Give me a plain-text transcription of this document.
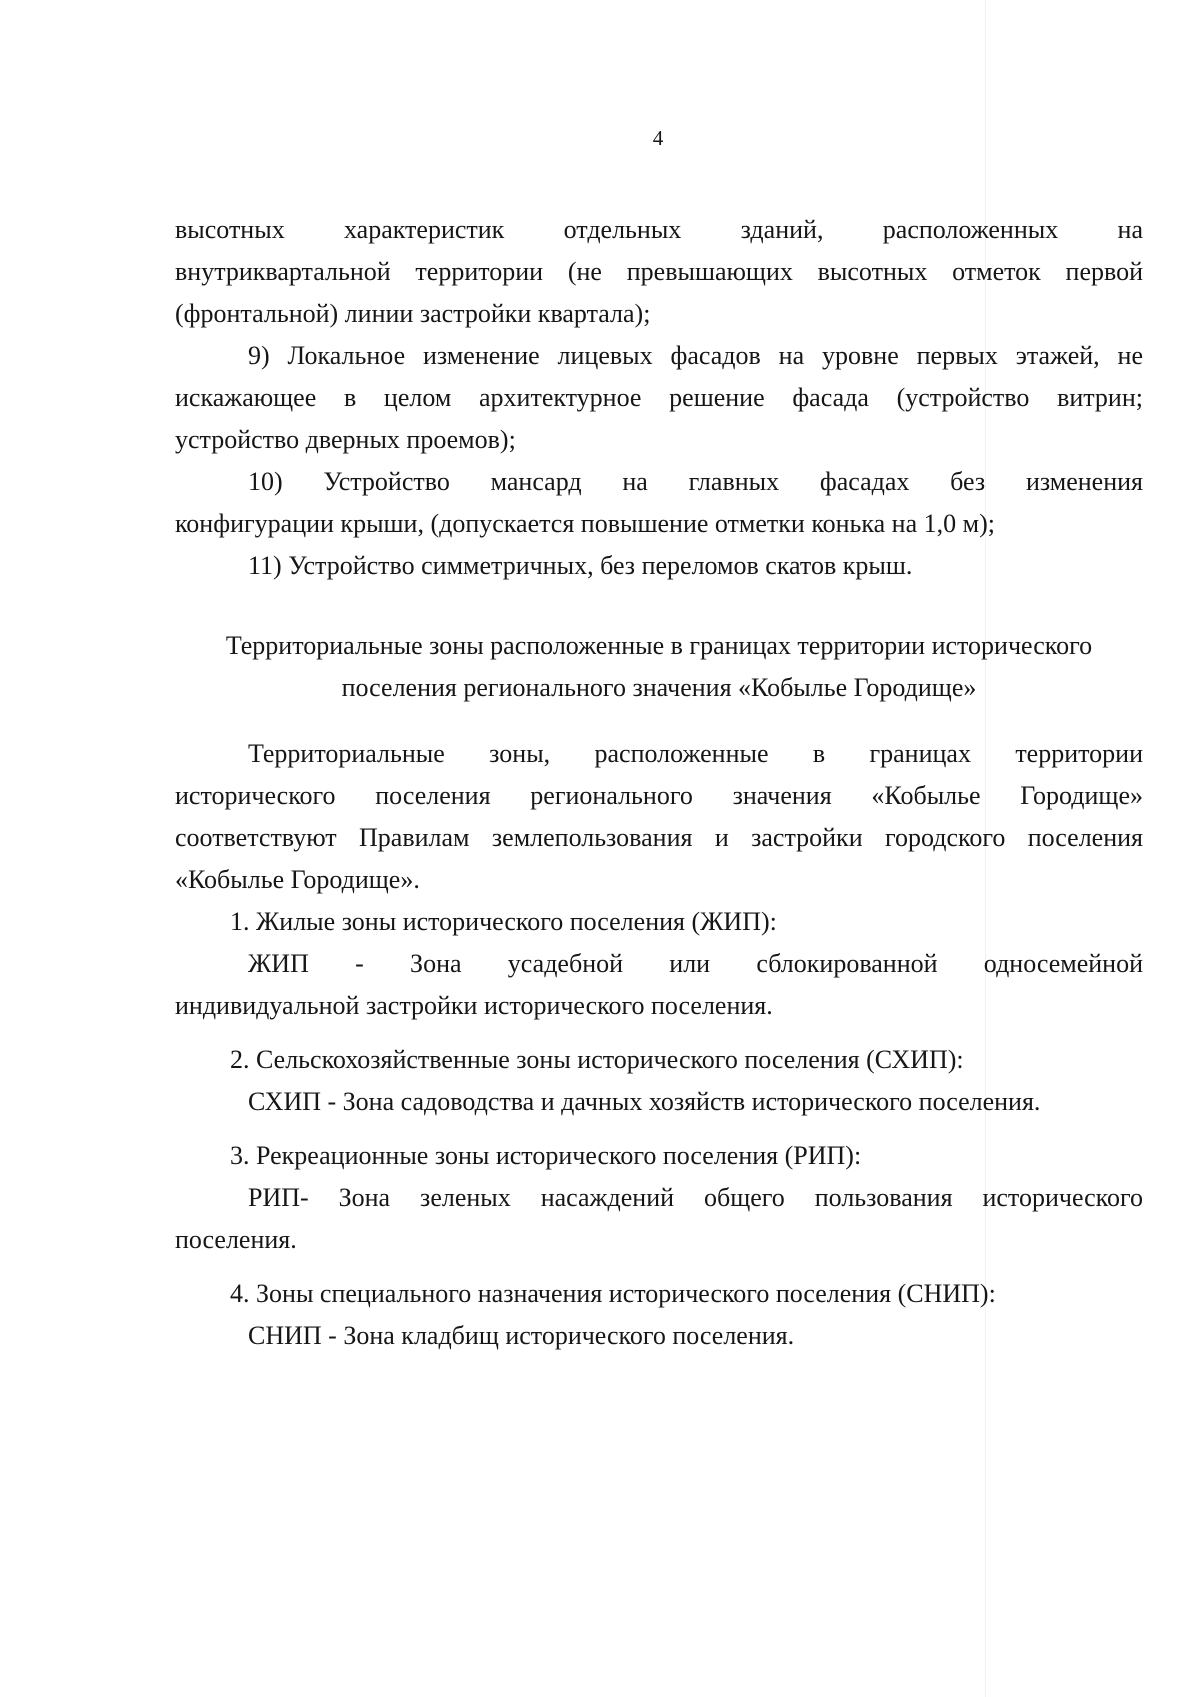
4
высотных характеристик отдельных зданий, расположенных на
внутриквартальной территории (не превышающих высотных отметок первой
(фронтальной) линии застройки квартала);
9) Локальное изменение лицевых фасадов на уровне первых этажей, не
искажающее в целом архитектурное решение фасада (устройство витрин;
устройство дверных проемов);
10) Устройство мансард на главных фасадах без изменения
конфигурации крыши, (допускается повышение отметки конька на 1,0 м);
11) Устройство симметричных, без переломов скатов крыш.
Территориальные зоны расположенные в границах территории исторического
поселения регионального значения «Кобылье Городище»
Территориальные зоны, расположенные в границах территории
исторического поселения регионального значения «Кобылье Городище»
соответствуют Правилам землепользования и застройки городского поселения
«Кобылье Городище».
1. Жилые зоны исторического поселения (ЖИП):
ЖИП - Зона усадебной или сблокированной односемейной
индивидуальной застройки исторического поселения.
2. Сельскохозяйственные зоны исторического поселения (СХИП):
СХИП - Зона садоводства и дачных хозяйств исторического поселения.
3. Рекреационные зоны исторического поселения (РИП):
РИП- Зона зеленых насаждений общего пользования исторического
поселения.
4. Зоны специального назначения исторического поселения (СНИП):
СНИП - Зона кладбищ исторического поселения.
